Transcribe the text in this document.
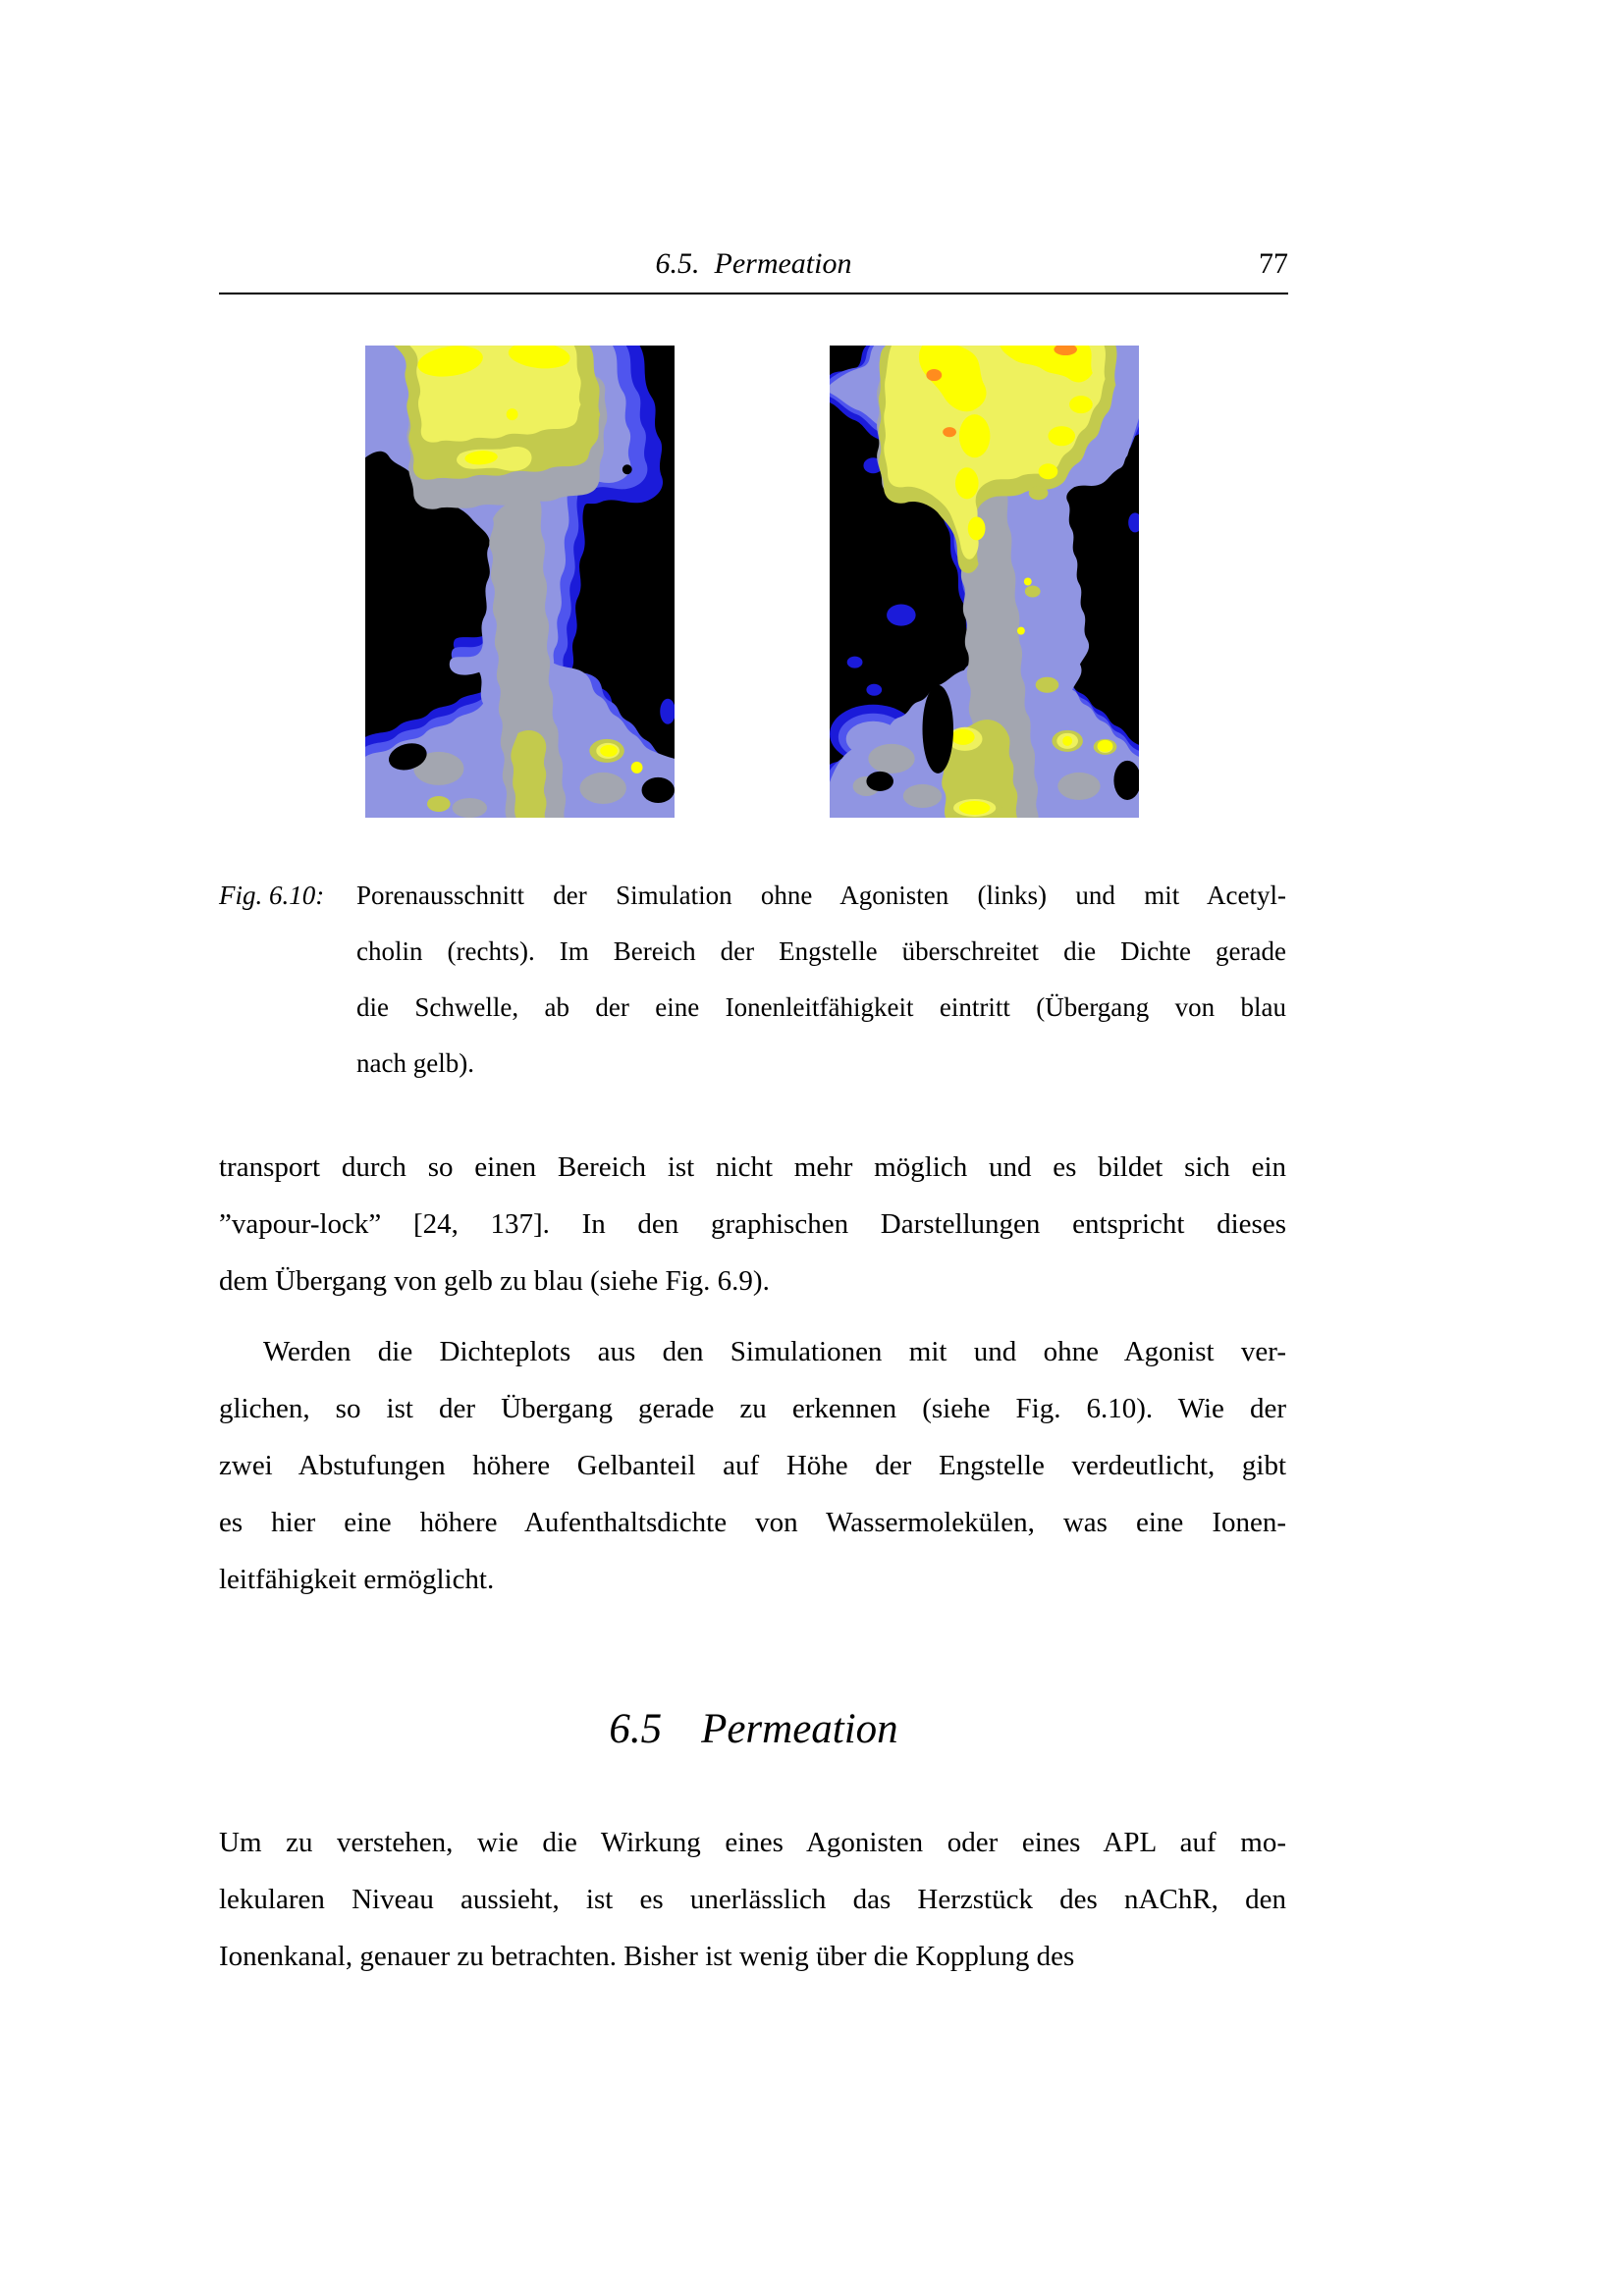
6.5.  Permeation	77
Fig. 6.10: Porenausschnitt der Simulation ohne Agonisten (links) und mit Acetyl-
cholin (rechts). Im Bereich der Engstelle überschreitet die Dichte gerade
die Schwelle, ab der eine Ionenleitfähigkeit eintritt (Übergang von blau
nach gelb).
transport durch so einen Bereich ist nicht mehr möglich und es bildet sich ein
”vapour-lock” [24, 137]. In den graphischen Darstellungen entspricht dieses
dem Übergang von gelb zu blau (siehe Fig. 6.9).
Werden die Dichteplots aus den Simulationen mit und ohne Agonist ver-
glichen, so ist der Übergang gerade zu erkennen (siehe Fig. 6.10). Wie der
zwei Abstufungen höhere Gelbanteil auf Höhe der Engstelle verdeutlicht, gibt
es hier eine höhere Aufenthaltsdichte von Wassermolekülen, was eine Ionen-
leitfähigkeit ermöglicht.
6.5 Permeation
Um zu verstehen, wie die Wirkung eines Agonisten oder eines APL auf mo-
lekularen Niveau aussieht, ist es unerlässlich das Herzstück des nAChR, den
Ionenkanal, genauer zu betrachten. Bisher ist wenig über die Kopplung des
